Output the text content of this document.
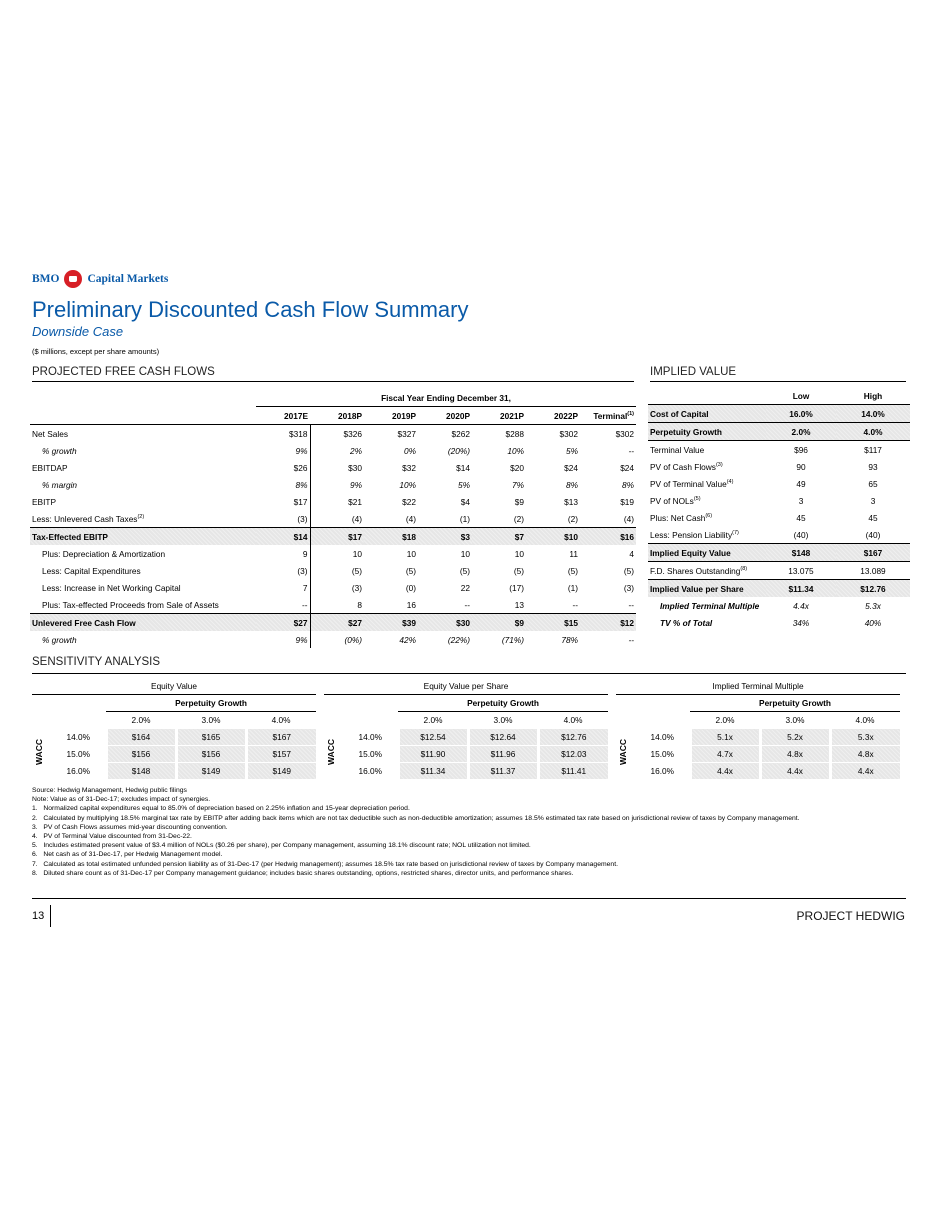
BMO Capital Markets
Preliminary Discounted Cash Flow Summary
Downside Case
($ millions, except per share amounts)
PROJECTED FREE CASH FLOWS
	Fiscal Year Ending December 31,						
	2017E	2018P	2019P	2020P	2021P	2022P	Terminal$^{(1)}$
Net Sales	$318	$326	$327	$262	$288	$302	$302
% growth	9%	2%	0%	(20%)	10%	5%	--
EBITDAP	$26	$30	$32	$14	$20	$24	$24
% margin	8%	9%	10%	5%	7%	8%	8%
EBITP	$17	$21	$22	$4	$9	$13	$19
Less: Unlevered Cash Taxes$^{(2)}$	(3)	(4)	(4)	(1)	(2)	(2)	(4)
Tax-Effected EBITP	$14	$17	$18	$3	$7	$10	$16
Plus: Depreciation & Amortization	9	10	10	10	10	11	4
Less: Capital Expenditures	(3)	(5)	(5)	(5)	(5)	(5)	(5)
Less: Increase in Net Working Capital	7	(3)	(0)	22	(17)	(1)	(3)
Plus: Tax-effected Proceeds from Sale of Assets	--	8	16	--	13	--	--
Unlevered Free Cash Flow	$27	$27	$39	$30	$9	$15	$12
% growth	9%	(0%)	42%	(22%)	(71%)	78%	--
IMPLIED VALUE
	Low	High
Cost of Capital	16.0%	14.0%
Perpetuity Growth	2.0%	4.0%
Terminal Value	$96	$117
PV of Cash Flows$^{(3)}$	90	93
PV of Terminal Value$^{(4)}$	49	65
PV of NOLs$^{(5)}$	3	3
Plus: Net Cash$^{(6)}$	45	45
Less: Pension Liability$^{(7)}$	(40)	(40)
Implied Equity Value	$148	$167
F.D. Shares Outstanding$^{(8)}$	13.075	13.089
Implied Value per Share	$11.34	$12.76
Implied Terminal Multiple	4.4x	5.3x
TV % of Total	34%	40%
SENSITIVITY ANALYSIS
Equity Value				
		Perpetuity Growth		
		2.0%	3.0%	4.0%
	14.0%	$164	$165	$167
	15.0%	$156	$156	$157
	16.0%	$148	$149	$149
WACC
Equity Value per Share				
		Perpetuity Growth		
		2.0%	3.0%	4.0%
	14.0%	$12.54	$12.64	$12.76
	15.0%	$11.90	$11.96	$12.03
	16.0%	$11.34	$11.37	$11.41
WACC
Implied Terminal Multiple				
		Perpetuity Growth		
		2.0%	3.0%	4.0%
	14.0%	5.1x	5.2x	5.3x
	15.0%	4.7x	4.8x	4.8x
	16.0%	4.4x	4.4x	4.4x
WACC
Source: Hedwig Management, Hedwig public filings
Note: Value as of 31-Dec-17; excludes impact of synergies.
1.   Normalized capital expenditures equal to 85.0% of depreciation based on 2.25% inflation and 15-year depreciation period.
2.   Calculated by multiplying 18.5% marginal tax rate by EBITP after adding back items which are not tax deductible such as non-deductible amortization; assumes 18.5% estimated tax rate based on jurisdictional review of taxes by Company management.
3.   PV of Cash Flows assumes mid-year discounting convention.
4.   PV of Terminal Value discounted from 31-Dec-22.
5.   Includes estimated present value of $3.4 million of NOLs ($0.26 per share), per Company management, assuming 18.1% discount rate; NOL utilization not limited.
6.   Net cash as of 31-Dec-17, per Hedwig Management model.
7.   Calculated as total estimated unfunded pension liability as of 31-Dec-17 (per Hedwig management); assumes 18.5% tax rate based on jurisdictional review of taxes by Company management.
8.   Diluted share count as of 31-Dec-17 per Company management guidance; includes basic shares outstanding, options, restricted shares, director units, and performance shares.
13	PROJECT HEDWIG
